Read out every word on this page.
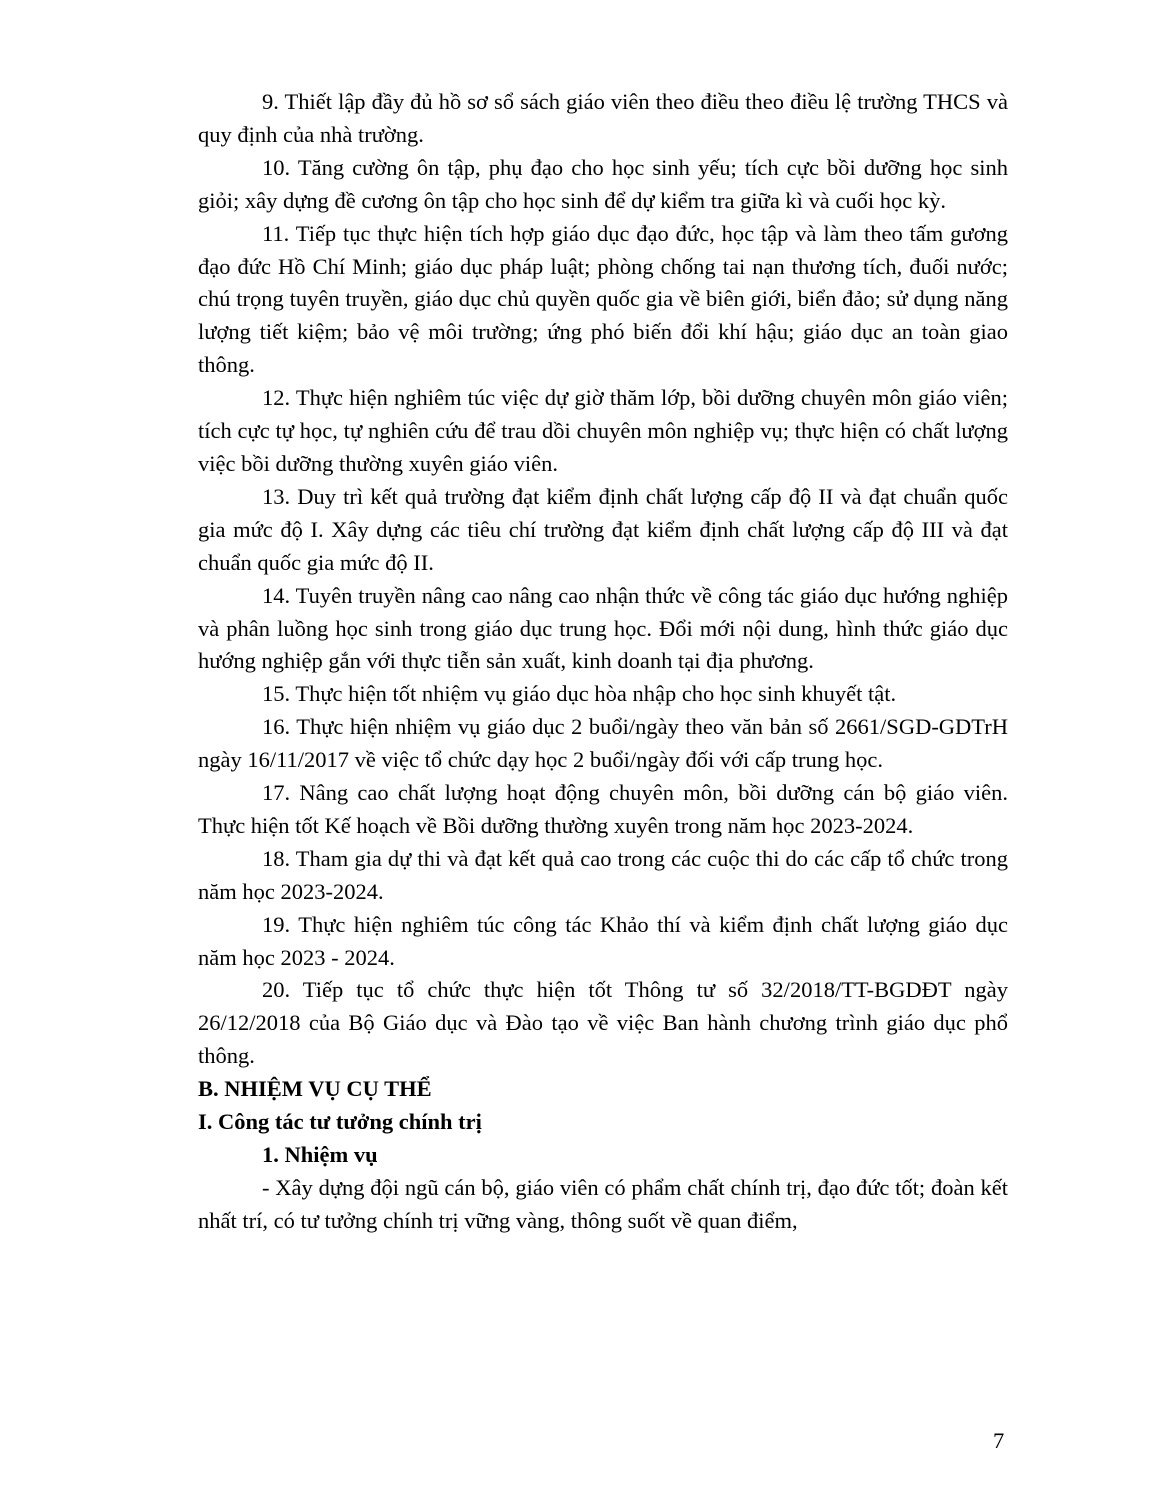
9. Thiết lập đầy đủ hồ sơ sổ sách giáo viên theo điều theo điều lệ trường THCS và quy định của nhà trường.

10. Tăng cường ôn tập, phụ đạo cho học sinh yếu; tích cực bồi dưỡng học sinh giỏi; xây dựng đề cương ôn tập cho học sinh để dự kiểm tra giữa kì và cuối học kỳ.

11. Tiếp tục thực hiện tích hợp giáo dục đạo đức, học tập và làm theo tấm gương đạo đức Hồ Chí Minh; giáo dục pháp luật; phòng chống tai nạn thương tích, đuối nước; chú trọng tuyên truyền, giáo dục chủ quyền quốc gia về biên giới, biển đảo; sử dụng năng lượng tiết kiệm; bảo vệ môi trường; ứng phó biến đổi khí hậu; giáo dục an toàn giao thông.

12. Thực hiện nghiêm túc việc dự giờ thăm lớp, bồi dưỡng chuyên môn giáo viên; tích cực tự học, tự nghiên cứu để trau dồi chuyên môn nghiệp vụ; thực hiện có chất lượng việc bồi dưỡng thường xuyên giáo viên.

13. Duy trì kết quả trường đạt kiểm định chất lượng cấp độ II và đạt chuẩn quốc gia mức độ I. Xây dựng các tiêu chí trường đạt kiểm định chất lượng cấp độ III và đạt chuẩn quốc gia mức độ II.

14. Tuyên truyền nâng cao nâng cao nhận thức về công tác giáo dục hướng nghiệp và phân luồng học sinh trong giáo dục trung học. Đổi mới nội dung, hình thức giáo dục hướng nghiệp gắn với thực tiễn sản xuất, kinh doanh tại địa phương.

15. Thực hiện tốt nhiệm vụ giáo dục hòa nhập cho học sinh khuyết tật.

16. Thực hiện nhiệm vụ giáo dục 2 buổi/ngày theo văn bản số 2661/SGD-GDTrH ngày 16/11/2017 về việc tổ chức dạy học 2 buổi/ngày đối với cấp trung học.

17. Nâng cao chất lượng hoạt động chuyên môn, bồi dưỡng cán bộ giáo viên. Thực hiện tốt Kế hoạch về Bồi dưỡng thường xuyên trong năm học 2023-2024.

18. Tham gia dự thi và đạt kết quả cao trong các cuộc thi do các cấp tổ chức trong năm học 2023-2024.

19. Thực hiện nghiêm túc công tác Khảo thí và kiểm định chất lượng giáo dục năm học 2023 - 2024.

20. Tiếp tục tổ chức thực hiện tốt Thông tư số 32/2018/TT-BGDĐT ngày 26/12/2018 của Bộ Giáo dục và Đào tạo về việc Ban hành chương trình giáo dục phổ thông.

B. NHIỆM VỤ CỤ THỂ

I. Công tác tư tưởng chính trị

1. Nhiệm vụ

- Xây dựng đội ngũ cán bộ, giáo viên có phẩm chất chính trị, đạo đức tốt; đoàn kết nhất trí, có tư tưởng chính trị vững vàng, thông suốt về quan điểm,

7
